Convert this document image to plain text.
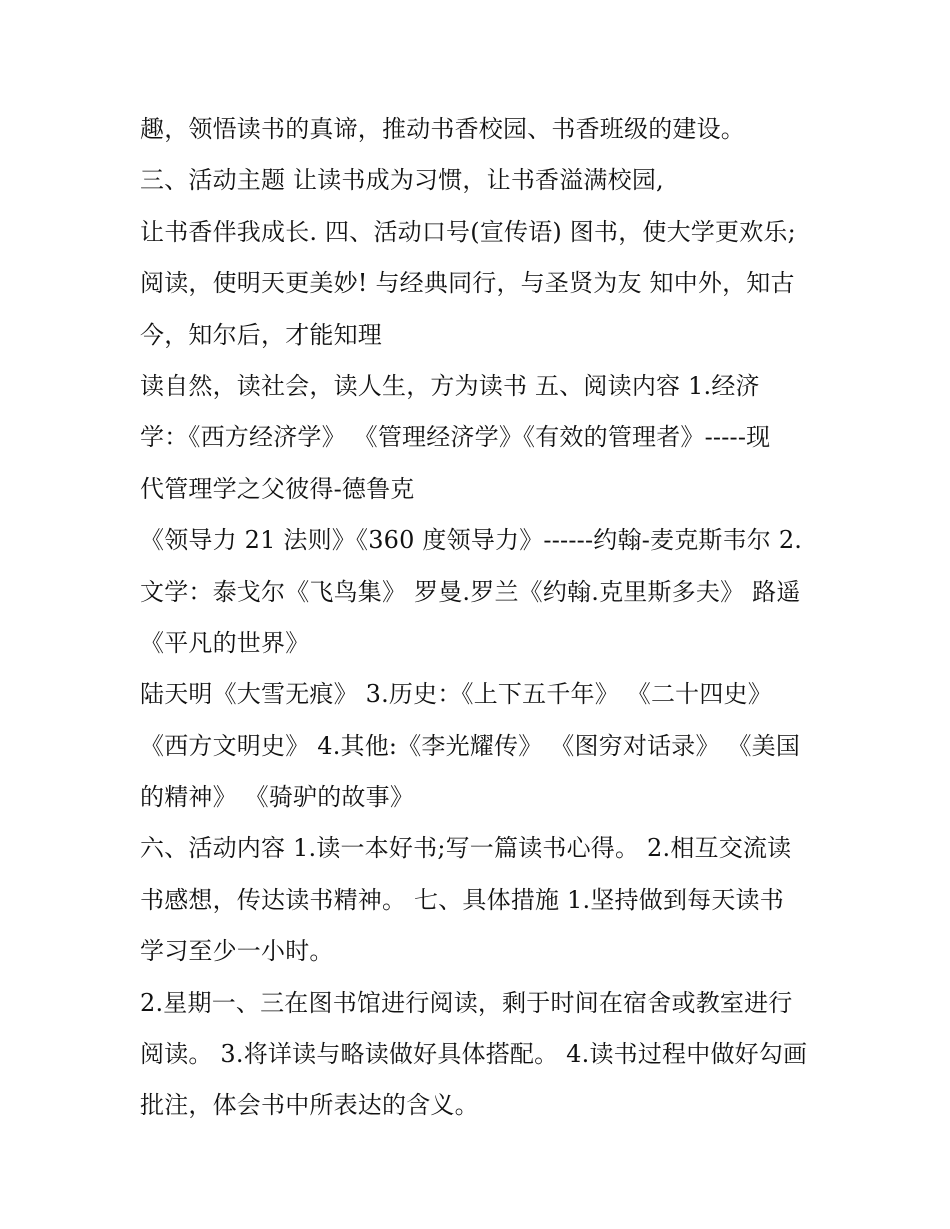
趣，领悟读书的真谛，推动书香校园、书香班级的建设。
三、活动主题 让读书成为习惯，让书香溢满校园,
让书香伴我成长. 四、活动口号(宣传语) 图书，使大学更欢乐;
阅读，使明天更美妙! 与经典同行，与圣贤为友 知中外，知古
今，知尔后，才能知理
读自然，读社会，读人生，方为读书 五、阅读内容 1.经济
学：《西方经济学》 《管理经济学》《有效的管理者》-----现
代管理学之父彼得-德鲁克
《领导力 21 法则》《360 度领导力》------约翰-麦克斯韦尔 2.
文学：泰戈尔《飞鸟集》 罗曼.罗兰《约翰.克里斯多夫》 路遥
《平凡的世界》
陆天明《大雪无痕》 3.历史：《上下五千年》 《二十四史》
《西方文明史》 4.其他:《李光耀传》 《图穷对话录》 《美国
的精神》 《骑驴的故事》
六、活动内容 1.读一本好书;写一篇读书心得。 2.相互交流读
书感想，传达读书精神。 七、具体措施 1.坚持做到每天读书
学习至少一小时。
2.星期一、三在图书馆进行阅读，剩于时间在宿舍或教室进行
阅读。 3.将详读与略读做好具体搭配。 4.读书过程中做好勾画
批注，体会书中所表达的含义。
